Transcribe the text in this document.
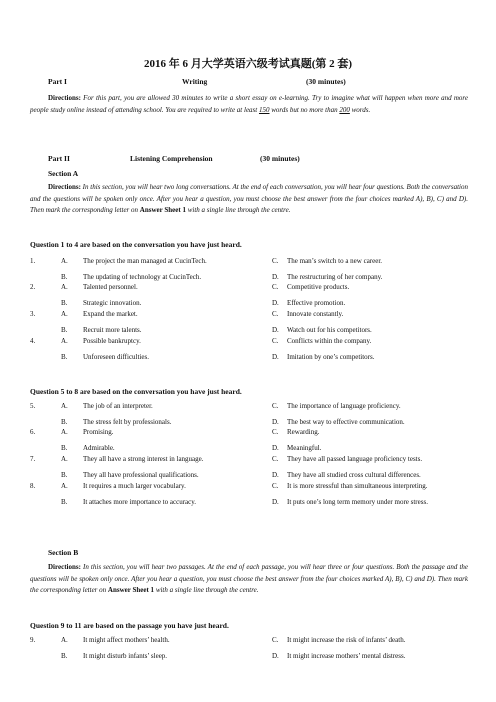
2016 年 6 月大学英语六级考试真题(第 2 套)
Part I	Writing	(30 minutes)
Directions: For this part, you are allowed 30 minutes to write a short essay on e-learning. Try to imagine what will happen when more and more people study online instead of attending school. You are required to write at least 150 words but no more than 200 words.
Part II	Listening Comprehension	(30 minutes)
Section A
Directions: In this section, you will hear two long conversations. At the end of each conversation, you will hear four questions. Both the conversation and the questions will be spoken only once. After you hear a question, you must choose the best answer from the four choices marked A), B), C) and D). Then mark the corresponding letter on Answer Sheet 1 with a single line through the centre.
Question 1 to 4 are based on the conversation you have just heard.
Question 5 to 8 are based on the conversation you have just heard.
Section B
Directions: In this section, you will hear two passages. At the end of each passage, you will hear three or four questions. Both the passage and the questions will be spoken only once. After you hear a question, you must choose the best answer from the four choices marked A), B), C) and D). Then mark the corresponding letter on Answer Sheet 1 with a single line through the centre.
Question 9 to 11 are based on the passage you have just heard.
1.	A. The project the man managed at CucinTech.	C. The man’s switch to a new career.
B. The updating of technology at CucinTech.	D. The restructuring of her company.
2.	A. Talented personnel.	C. Competitive products.
B. Strategic innovation.	D. Effective promotion.
3.	A. Expand the market.	C. Innovate constantly.
B. Recruit more talents.	D. Watch out for his competitors.
4.	A. Possible bankruptcy.	C. Conflicts within the company.
B. Unforeseen difficulties.	D. Imitation by one’s competitors.
5.	A. The job of an interpreter.	C. The importance of language proficiency.
B. The stress felt by professionals.	D. The best way to effective communication.
6.	A. Promising.	C. Rewarding.
B. Admirable.	D. Meaningful.
7.	A. They all have a strong interest in language.	C. They have all passed language proficiency tests.
B. They all have professional qualifications.	D. They have all studied cross cultural differences.
8.	A. It requires a much larger vocabulary.	C. It is more stressful than simultaneous interpreting.
B. It attaches more importance to accuracy.	D. It puts one’s long term memory under more stress.
9.	A. It might affect mothers’ health.	C. It might increase the risk of infants’ death.
B. It might disturb infants’ sleep.	D. It might increase mothers’ mental distress.
